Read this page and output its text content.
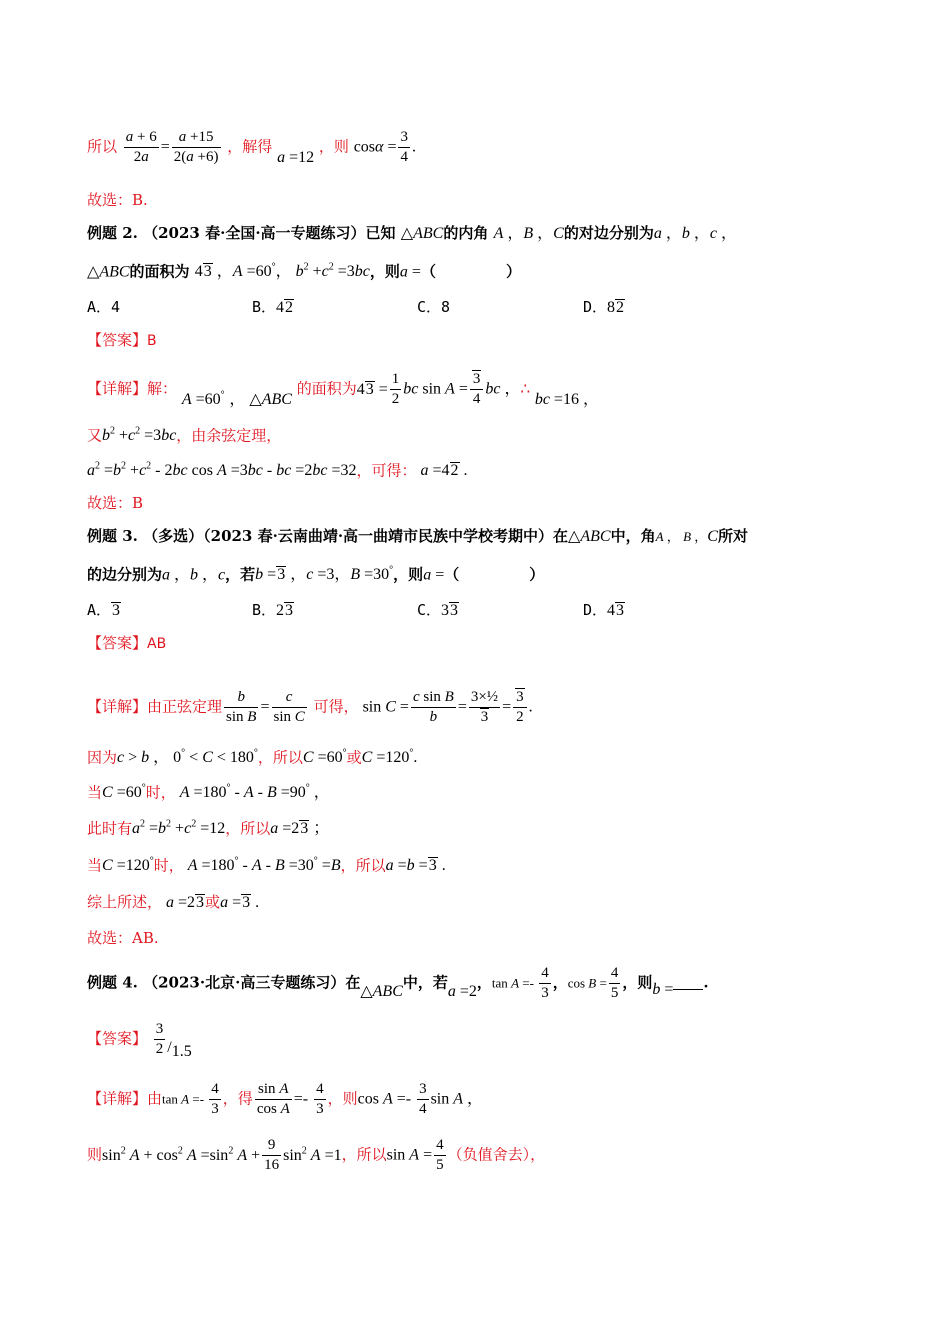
所以 $\frac{a + 6}{2a} = \frac{a +15}{2(a +6)}$ ，解得 a =12 ，则 $\cos\alpha = \frac{3}{4}$ .
故选：B.
例题 2. （2023 春·全国·高一专题练习）已知 △ABC的内角 A ，B ，C的对边分别为a ，b ，c ，
△ABC的面积为 43 ，A =60°， $b^2 +c^2 =3bc$，则a =（	）
A．4	B．42	C．8	D．82
【答案】B
【详解】解： A =60° ， △ABC 的面积为$43 = \frac{1}{2}$ bc $\sin A = \frac{3}{4}$ bc ，∴ bc =16 ，
又$b^2 +c^2 =3bc$，由余弦定理，
$a^2 =b^2 +c^2 - 2bc$ cos A =3bc - bc =2bc =32，可得： a =42 .
故选：B
例题 3. （多选）（2023 春·云南曲靖·高一曲靖市民族中学校考期中）在△ABC中，角A ， B ，C所对
的边分别为a ，b ，c，若b =3 ，c =3，B =30°，则a =（	）
A．3	B．23	C．33	D．43
【答案】AB
【详解】由正弦定理 $\frac{b}{\text{sin B}} = \frac{c}{\text{sin C}}$ 可得， $\sin C = \frac{\text{c sin B}}{b} = \frac{\text{3×½}}{3} = \frac{3}{2}$ .
因为c > b ， 0° < C < 180°，所以C =60°或C =120°.
当C =60°时， A =180° - A - B =90° ，
此时有$a^2 =b^2 +c^2 =12$，所以a =23 ；
当C =120°时， A =180° - A - B =30° =B，所以a =b =3 .
综上所述， a =23或a =3 .
故选：AB.
例题 4. （2023·北京·高三专题练习）在△ABC中，若a =2，$\tan A =- \frac{4}{3}$ ，$\cos B = \frac{4}{5}$ ，则b = .
【答案】 $\frac{3}{2} /1.5$
【详解】由$\tan A =- \frac{4}{3}$ ，得 $\frac{\text{sin A}}{\text{cos A}} =- \frac{4}{3}$ ，则$\cos A =- \frac{3}{4}$ sin A ，
则$\sin^2 A + \cos^2 A =\sin^2$ $A + \frac{9}{16} \sin^2 A =1$，所以$\sin A = \frac{4}{5}$ （负值舍去），
